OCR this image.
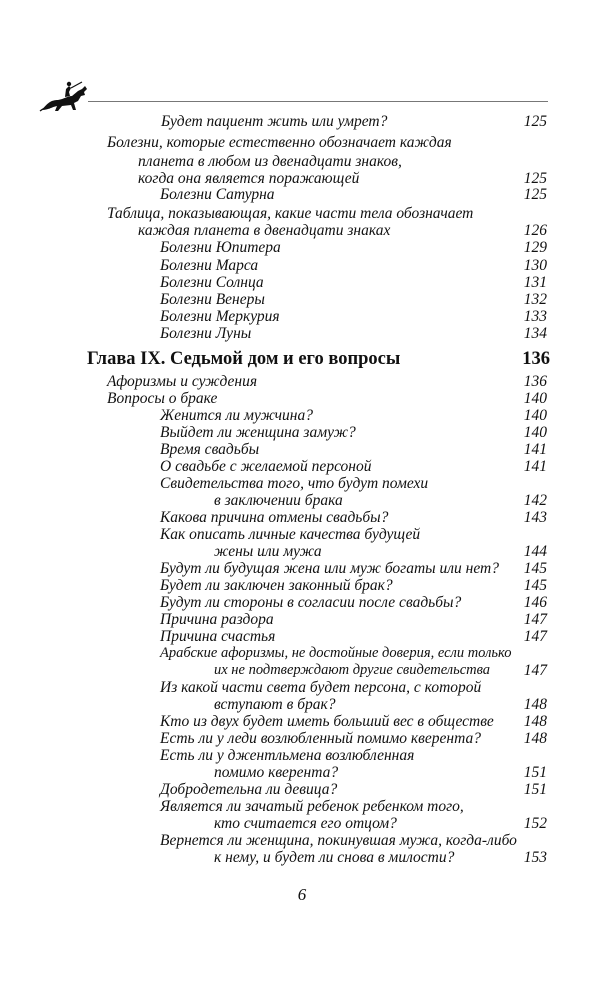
Будет пациент жить или умрет?	125
Болезни, которые естественно обозначает каждая
планета в любом из двенадцати знаков,
когда она является поражающей	125
Болезни Сатурна	125
Таблица, показывающая, какие части тела обозначает
каждая планета в двенадцати знаках	126
Болезни Юпитера	129
Болезни Марса	130
Болезни Солнца	131
Болезни Венеры	132
Болезни Меркурия	133
Болезни Луны	134
Глава IX. Седьмой дом и его вопросы	136
Афоризмы и суждения	136
Вопросы о браке	140
Женится ли мужчина?	140
Выйдет ли женщина замуж?	140
Время свадьбы	141
О свадьбе с желаемой персоной	141
Свидетельства того, что будут помехи
в заключении брака	142
Какова причина отмены свадьбы?	143
Как описать личные качества будущей
жены или мужа	144
Будут ли будущая жена или муж богаты или нет? 145
Будет ли заключен законный брак?	145
Будут ли стороны в согласии после свадьбы?	146
Причина раздора	147
Причина счастья	147
Арабские афоризмы, не достойные доверия, если только
их не подтверждают другие свидетельства 147
Из какой части света будет персона, с которой
вступают в брак?	148
Кто из двух будет иметь больший вес в обществе 148
Есть ли у леди возлюбленный помимо кверента?	148
Есть ли у джентльмена возлюбленная
помимо кверента?	151
Добродетельна ли девица?	151
Является ли зачатый ребенок ребенком того,
кто считается его отцом?	152
Вернется ли женщина, покинувшая мужа, когда-либо
к нему, и будет ли снова в милости?	153
6
